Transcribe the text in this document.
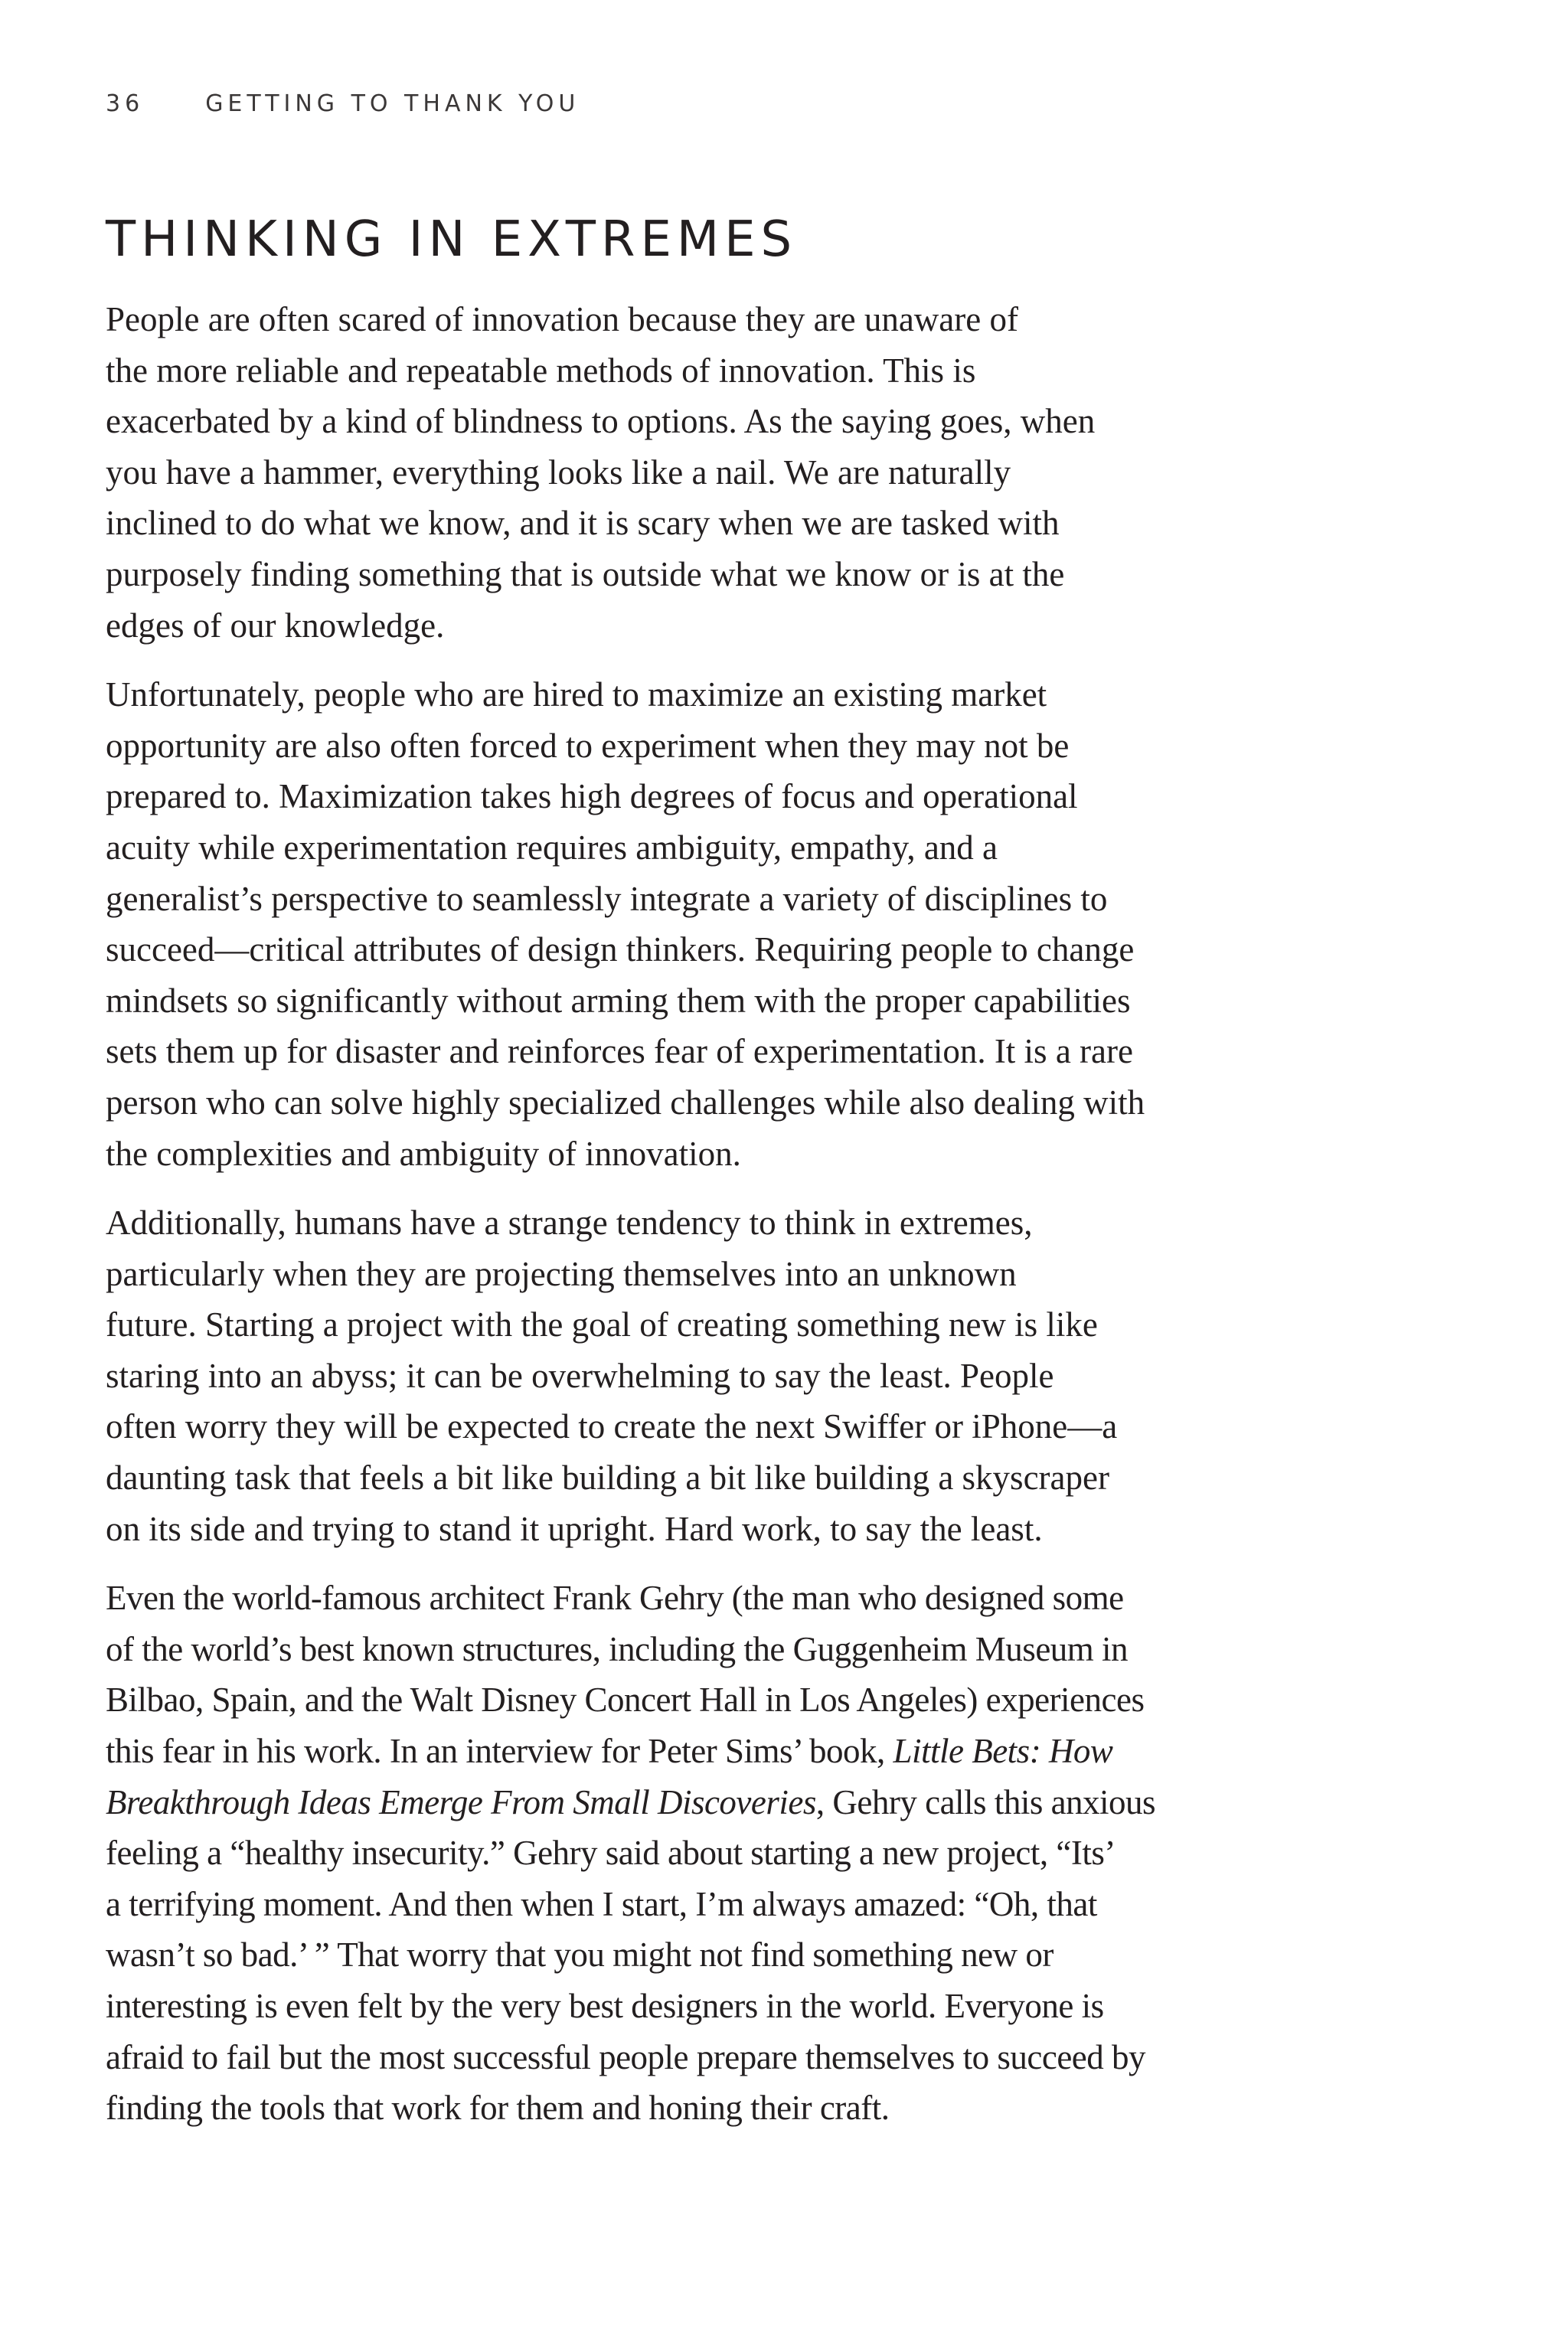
36	GETTING TO THANK YOU
THINKING IN EXTREMES

People are often scared of innovation because they are unaware of
the more reliable and repeatable methods of innovation. This is
exacerbated by a kind of blindness to options. As the saying goes, when
you have a hammer, everything looks like a nail. We are naturally
inclined to do what we know, and it is scary when we are tasked with
purposely finding something that is outside what we know or is at the
edges of our knowledge.

Unfortunately, people who are hired to maximize an existing market
opportunity are also often forced to experiment when they may not be
prepared to. Maximization takes high degrees of focus and operational
acuity while experimentation requires ambiguity, empathy, and a
generalist’s perspective to seamlessly integrate a variety of disciplines to
succeed—critical attributes of design thinkers. Requiring people to change
mindsets so significantly without arming them with the proper capabilities
sets them up for disaster and reinforces fear of experimentation. It is a rare
person who can solve highly specialized challenges while also dealing with
the complexities and ambiguity of innovation.

Additionally, humans have a strange tendency to think in extremes,
particularly when they are projecting themselves into an unknown
future. Starting a project with the goal of creating something new is like
staring into an abyss; it can be overwhelming to say the least. People
often worry they will be expected to create the next Swiffer or iPhone—a
daunting task that feels a bit like building a bit like building a skyscraper
on its side and trying to stand it upright. Hard work, to say the least.

Even the world-famous architect Frank Gehry (the man who designed some
of the world’s best known structures, including the Guggenheim Museum in
Bilbao, Spain, and the Walt Disney Concert Hall in Los Angeles) experiences
this fear in his work. In an interview for Peter Sims’ book, Little Bets: How
Breakthrough Ideas Emerge From Small Discoveries, Gehry calls this anxious
feeling a “healthy insecurity.” Gehry said about starting a new project, “Its’
a terrifying moment. And then when I start, I’m always amazed: “Oh, that
wasn’t so bad.’ ” That worry that you might not find something new or
interesting is even felt by the very best designers in the world. Everyone is
afraid to fail but the most successful people prepare themselves to succeed by
finding the tools that work for them and honing their craft.
